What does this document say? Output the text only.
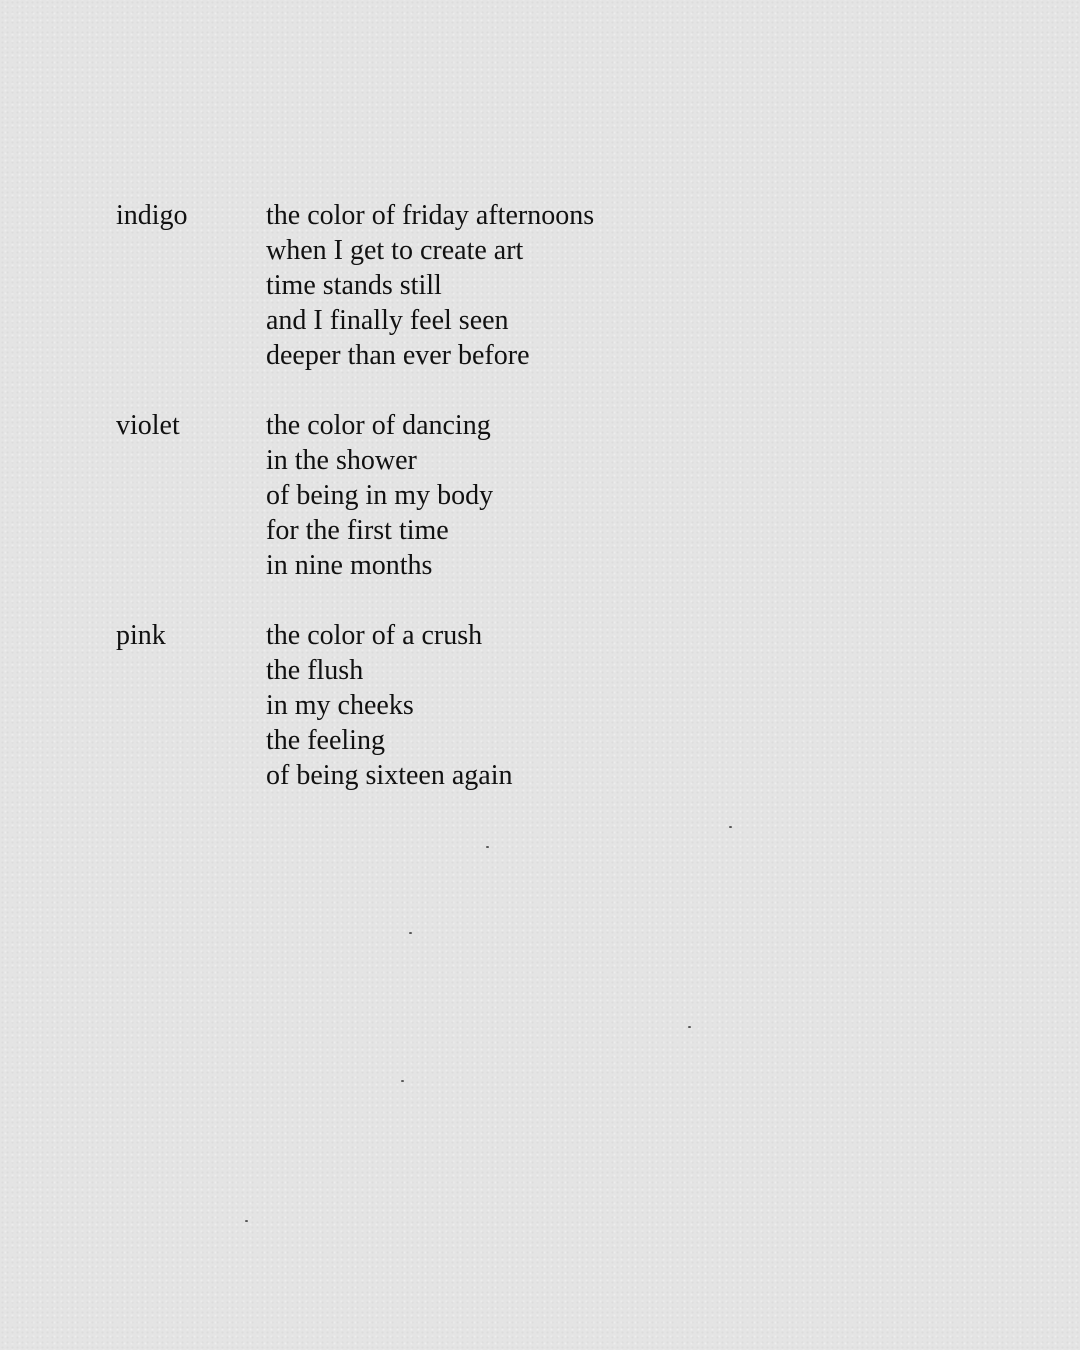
indigo	the color of friday afternoons
when I get to create art
time stands still
and I finally feel seen
deeper than ever before

violet	the color of dancing
in the shower
of being in my body
for the first time
in nine months

pink	the color of a crush
the flush
in my cheeks
the feeling
of being sixteen again
